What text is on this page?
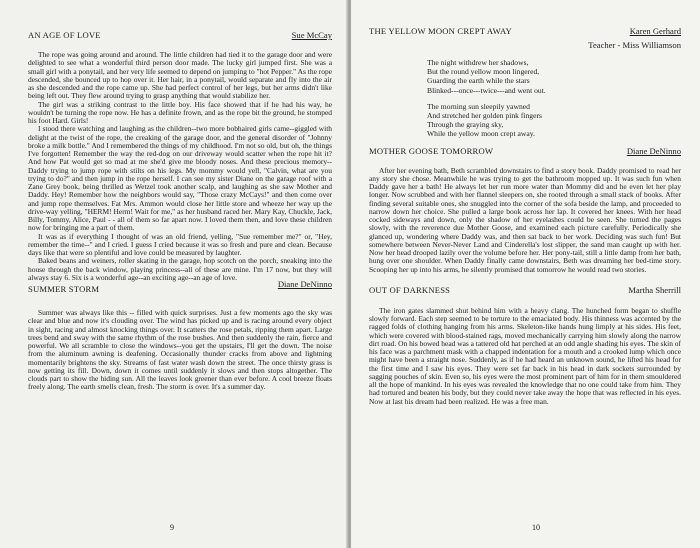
AN AGE OF LOVE	Sue McCay

The rope was going around and around. The little children had tied it to the garage door and were delighted to see what a wonderful third person door made. The lucky girl jumped first. She was a small girl with a ponytail, and her very life seemed to depend on jumping to "hot Pepper." As the rope descended, she bounced up to hop over it. Her hair, in a ponytail, would separate and fly into the air as she descended and the rope came up. She had perfect control of her legs, but her arms didn't like being left out. They flew around trying to grasp anything that would stabilize her.

The girl was a striking contrast to the little boy. His face showed that if he had his way, he wouldn't be turning the rope now. He has a definite frown, and as the rope bit the ground, he stomped his foot Hard. Girls!

I stood there watching and laughing as the children--two more bobhaired girls came--giggled with delight at the twist of the rope, the creaking of the garage door, and the general disorder of "Johnny broke a milk bottle." And I remembered the things of my childhood. I'm not so old, but oh, the things I've forgotten! Remember the way the red-dog on our driveway would scatter when the rope hit it? And how Pat would get so mad at me she'd give me bloody noses. And these precious memory--Daddy trying to jump rope with stilts on his legs. My mommy would yell, "Calvin, what are you trying to do?" and then jump in the rope herself. I can see my sister Diane on the garage roof with a Zane Grey book, being thrilled as Wetzel took another scalp, and laughing as she saw Mother and Daddy. Hey! Remember how the neighbors would say, "Those crazy McCays!" and then come over and jump rope themselves. Fat Mrs. Ammon would close her little store and wheeze her way up the drive-way yelling, "HERM! Herm! Wait for me," as her husband raced her. Mary Kay, Chuckle, Jack, Billy, Tommy, Alice, Paul - - all of them so far apart now. I loved them then, and love these children now for bringing me a part of them.

It was as if everything I thought of was an old friend, yelling, "Sue remember me?" or, "Hey, remember the time--" and I cried. I guess I cried because it was so fresh and pure and clean. Because days like that were so plentiful and love could be measured by laughter.

Baked beans and weiners, roller skating in the garage, hop scotch on the porch, sneaking into the house through the back window, playing princess--all of these are mine. I'm 17 now, but they will always stay 6. Six is a wonderful age--an exciting age--an age of love.

SUMMER STORM	Diane DeNinno

Summer was always like this -- filled with quick surprises. Just a few moments ago the sky was clear and blue and now it's clouding over. The wind has picked up and is racing around every object in sight, racing and almost knocking things over. It scatters the rose petals, ripping them apart. Large trees bend and sway with the same rhythm of the rose bushes. And then suddenly the rain, fierce and powerful. We all scramble to close the windows--you get the upstairs, I'll get the down. The noise from the aluminum awning is deafening. Occasionally thunder cracks from above and lightning momentarily brightens the sky. Streams of fast water wash down the street. The once thirsty grass is now getting its fill. Down, down it comes until suddenly it slows and then stops altogether. The clouds part to show the hiding sun. All the leaves look greener than ever before. A cool breeze floats freely along. The earth smells clean, fresh. The storm is over. It's a summer day.

9
THE YELLOW MOON CREPT AWAY	Karen Gerhard
Teacher - Miss Williamson
The night withdrew her shadows,
But the round yellow moon lingered,
Guarding the earth while the stars
Blinked---once---twice---and went out.
The morning sun sleepily yawned
And stretched her golden pink fingers
Through the graying sky,
While the yellow moon crept away.
MOTHER GOOSE TOMORROW	Diane DeNinno

After her evening bath, Beth scrambled downstairs to find a story book. Daddy promised to read her any story she chose. Meanwhile he was trying to get the bathroom mopped up. It was such fun when Daddy gave her a bath! He always let her run more water than Mommy did and he even let her play longer. Now scrubbed and with her flannel sleepers on, she rooted through a small stack of books. After finding several suitable ones, she snuggled into the corner of the sofa beside the lamp, and proceeded to narrow down her choice. She pulled a large book across her lap. It covered her knees. With her head cocked sideways and down, only the shadow of her eyelashes could be seen. She turned the pages slowly, with the reverence due Mother Goose, and examined each picture carefully. Periodically she glanced up, wondering where Daddy was, and then sat back to her work. Deciding was such fun! But somewhere between Never-Never Land and Cinderella's lost slipper, the sand man caught up with her. Now her head drooped lazily over the volume before her. Her pony-tail, still a little damp from her bath, hung over one shoulder. When Daddy finally came downstairs, Beth was dreaming her bed-time story. Scooping her up into his arms, he silently promised that tomorrow he would read two stories.

OUT OF DARKNESS	Martha Sherrill

The iron gates slammed shut behind him with a heavy clang. The hunched form began to shuffle slowly forward. Each step seemed to be torture to the emaciated body. His thinness was accented by the ragged folds of clothing hanging from his arms. Skeleton-like hands hung limply at his sides. His feet, which were covered with blood-stained rags, moved mechanically carrying him slowly along the narrow dirt road. On his bowed head was a tattered old hat perched at an odd angle shading his eyes. The skin of his face was a parchment mask with a chapped indentation for a mouth and a crooked lump which once might have been a straight nose. Suddenly, as if he had heard an unknown sound, he lifted his head for the first time and I saw his eyes. They were set far back in his head in dark sockets surrounded by sagging pouches of skin. Even so, his eyes were the most prominent part of him for in them smouldered all the hope of mankind. In his eyes was revealed the knowledge that no one could take from him. They had tortured and beaten his body, but they could never take away the hope that was reflected in his eyes. Now at last his dream had been realized. He was a free man.

10
